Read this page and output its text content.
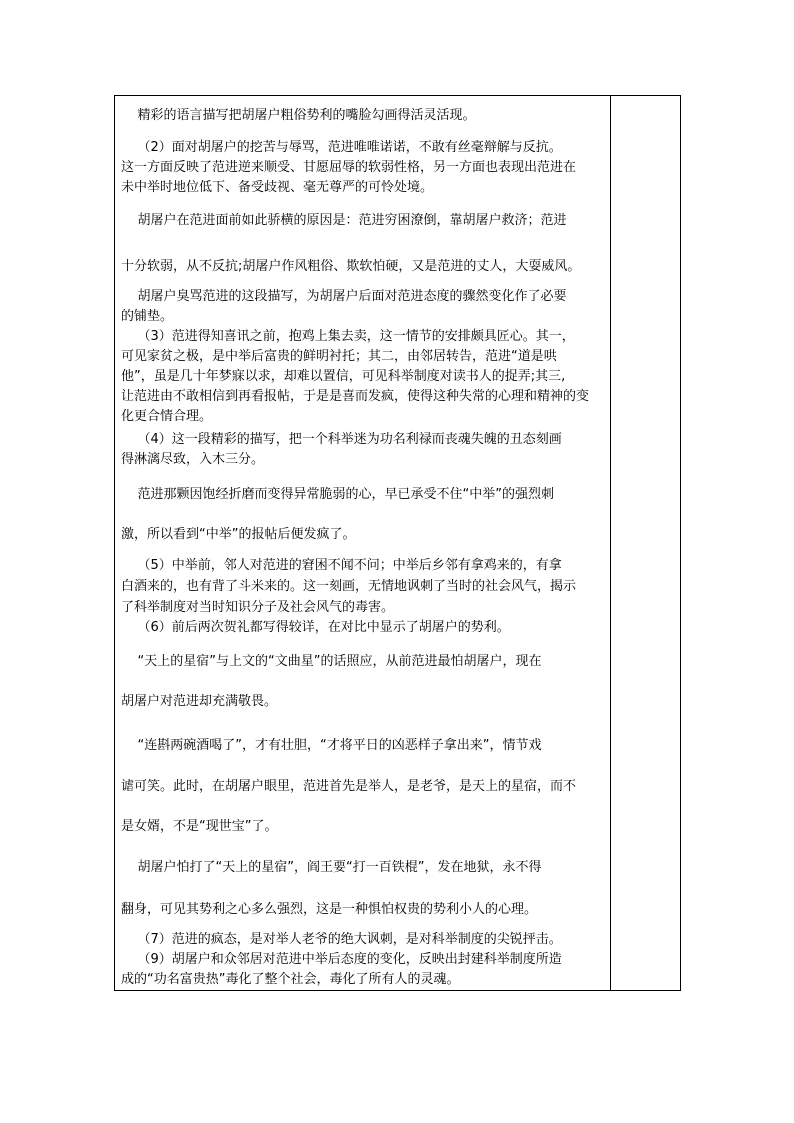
精彩的语言描写把胡屠户粗俗势利的嘴脸勾画得活灵活现。
（2）面对胡屠户的挖苦与辱骂，范进唯唯诺诺，不敢有丝毫辩解与反抗。
这一方面反映了范进逆来顺受、甘愿屈辱的软弱性格，另一方面也表现出范进在
未中举时地位低下、备受歧视、毫无尊严的可怜处境。
胡屠户在范进面前如此骄横的原因是：范进穷困潦倒，靠胡屠户救济；范进
十分软弱，从不反抗;胡屠户作风粗俗、欺软怕硬，又是范进的丈人，大耍威风。
胡屠户臭骂范进的这段描写，为胡屠户后面对范进态度的骤然变化作了必要
的铺垫。
（3）范进得知喜讯之前，抱鸡上集去卖，这一情节的安排颇具匠心。其一，
可见家贫之极，是中举后富贵的鲜明衬托；其二，由邻居转告，范进“道是哄
他”，虽是几十年梦寐以求，却难以置信，可见科举制度对读书人的捉弄;其三,
让范进由不敢相信到再看报帖，于是是喜而发疯，使得这种失常的心理和精神的变
化更合情合理。
（4）这一段精彩的描写，把一个科举迷为功名利禄而丧魂失魄的丑态刻画
得淋漓尽致，入木三分。
范进那颗因饱经折磨而变得异常脆弱的心，早已承受不住“中举”的强烈刺
激，所以看到“中举”的报帖后便发疯了。
（5）中举前，邻人对范进的窘困不闻不问；中举后乡邻有拿鸡来的，有拿
白酒来的，也有背了斗米来的。这一刻画，无情地讽刺了当时的社会风气，揭示
了科举制度对当时知识分子及社会风气的毒害。
（6）前后两次贺礼都写得较详，在对比中显示了胡屠户的势利。
“天上的星宿”与上文的“文曲星”的话照应，从前范进最怕胡屠户，现在
胡屠户对范进却充满敬畏。
“连斟两碗酒喝了”，才有壮胆，“才将平日的凶恶样子拿出来”，情节戏
谑可笑。此时，在胡屠户眼里，范进首先是举人，是老爷，是天上的星宿，而不
是女婿，不是“现世宝”了。
胡屠户怕打了“天上的星宿”，阎王要“打一百铁棍”，发在地狱，永不得
翻身，可见其势利之心多么强烈，这是一种惧怕权贵的势利小人的心理。
（7）范进的疯态，是对举人老爷的绝大讽刺，是对科举制度的尖锐抨击。
（9）胡屠户和众邻居对范进中举后态度的变化，反映出封建科举制度所造
成的“功名富贵热”毒化了整个社会，毒化了所有人的灵魂。
